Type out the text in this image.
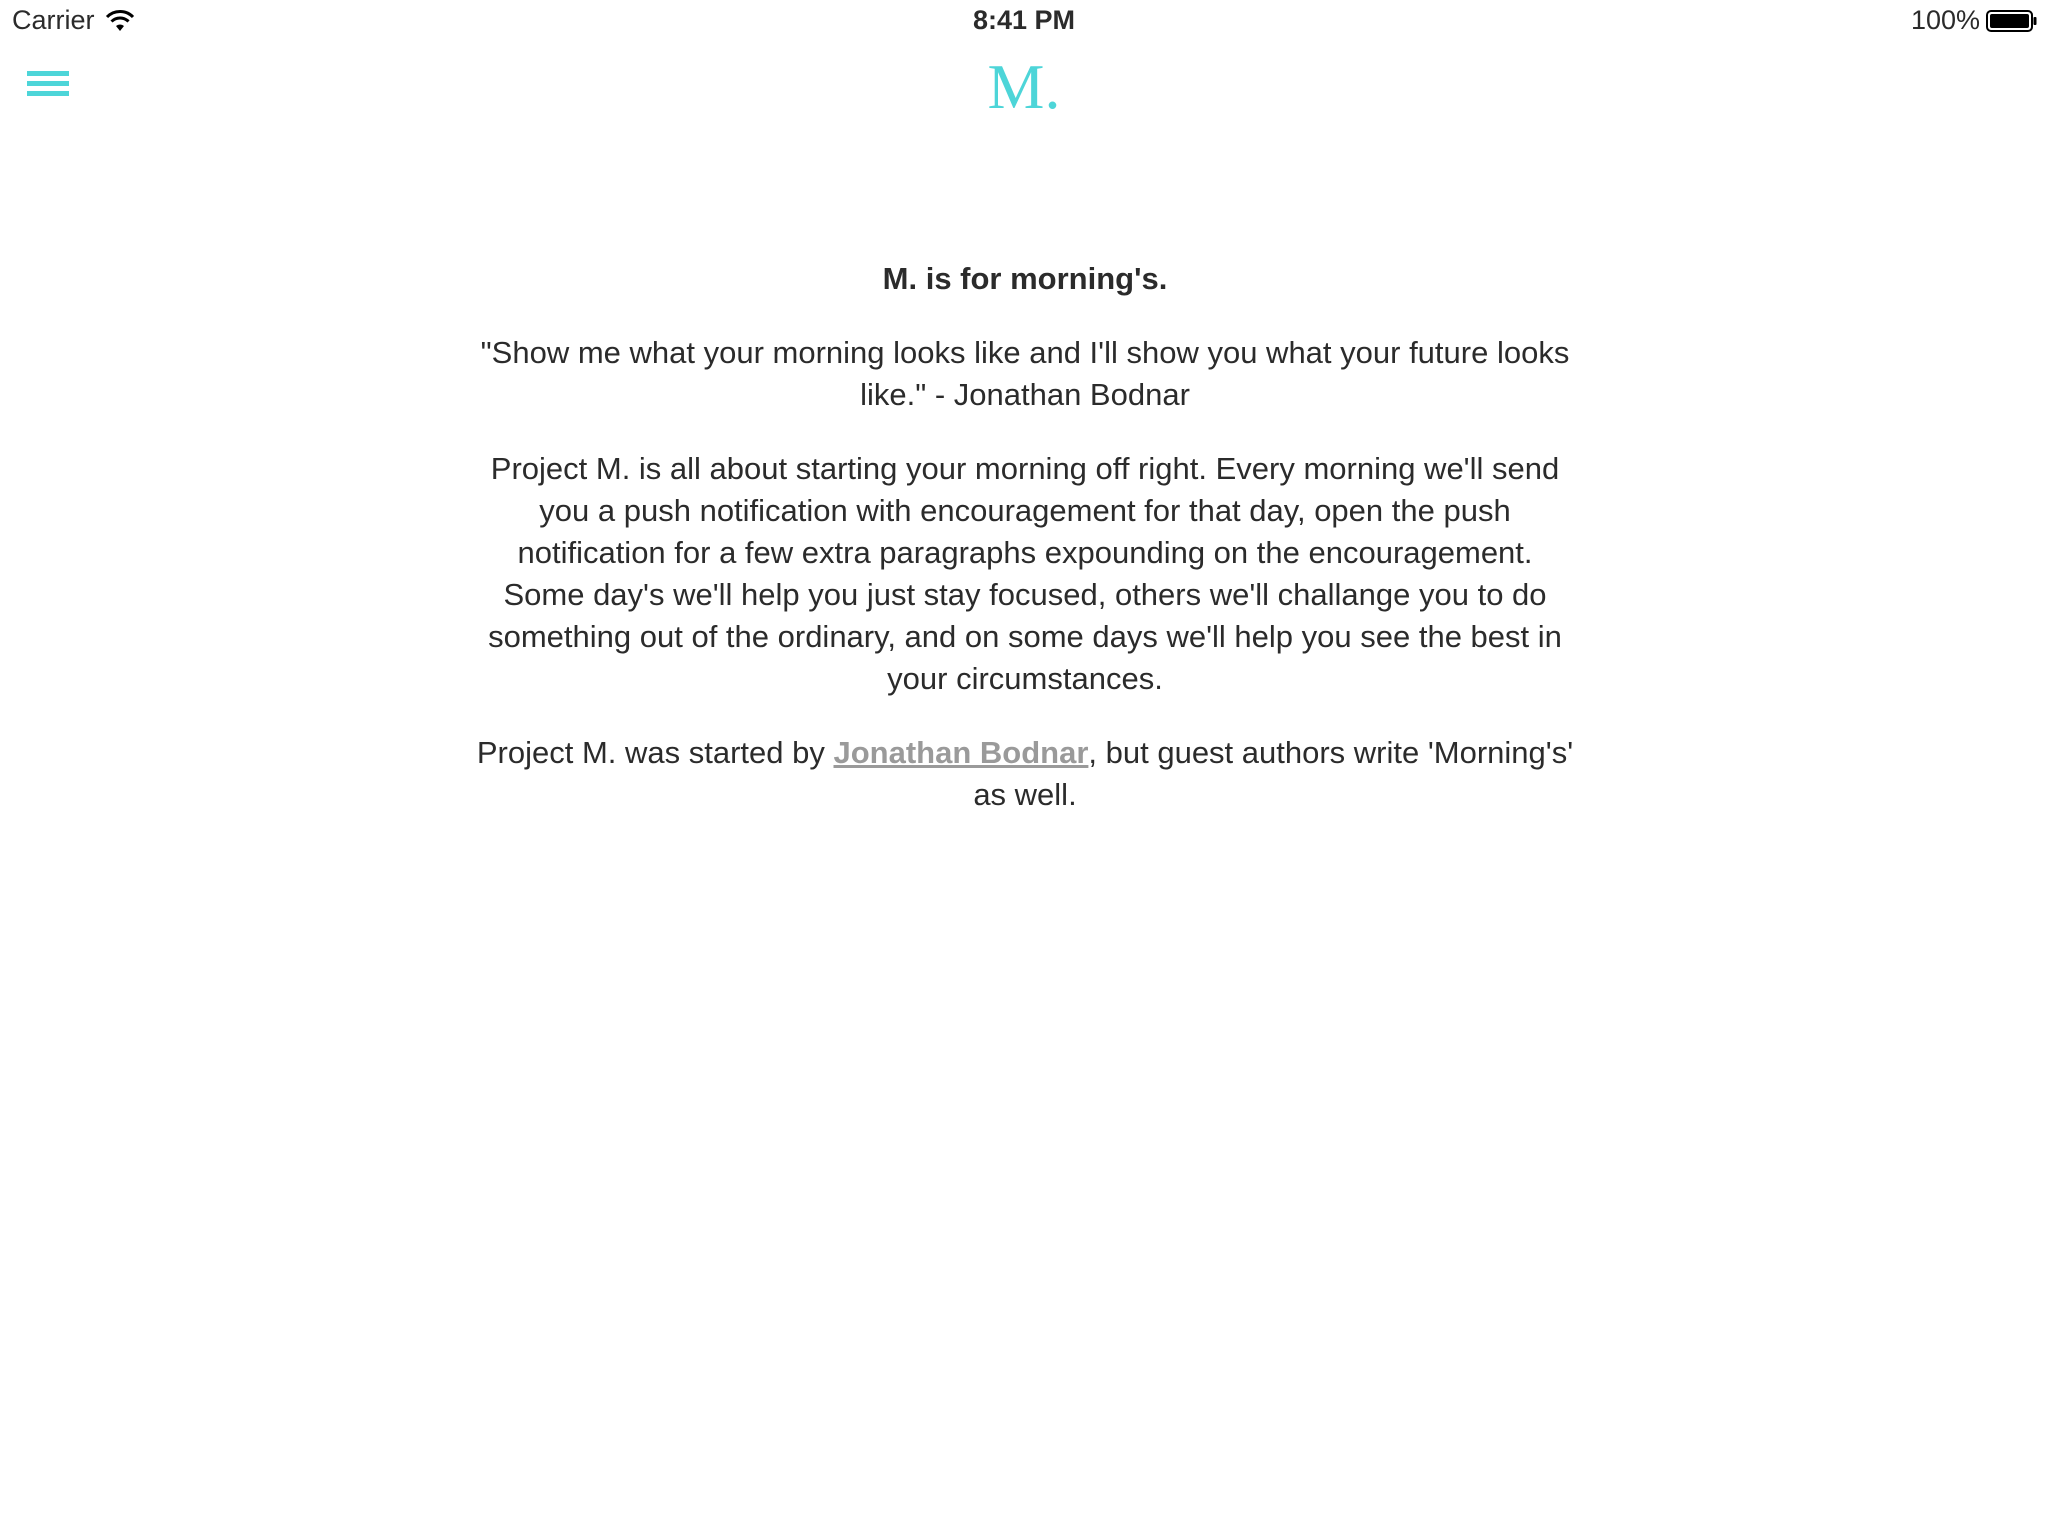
Carrier	8:41 PM	100%
M.

M. is for morning's.

"Show me what your morning looks like and I'll show you what your future looks like." - Jonathan Bodnar

Project M. is all about starting your morning off right. Every morning we'll send you a push notification with encouragement for that day, open the push notification for a few extra paragraphs expounding on the encouragement. Some day's we'll help you just stay focused, others we'll challange you to do something out of the ordinary, and on some days we'll help you see the best in your circumstances.

Project M. was started by Jonathan Bodnar, but guest authors write 'Morning's' as well.
